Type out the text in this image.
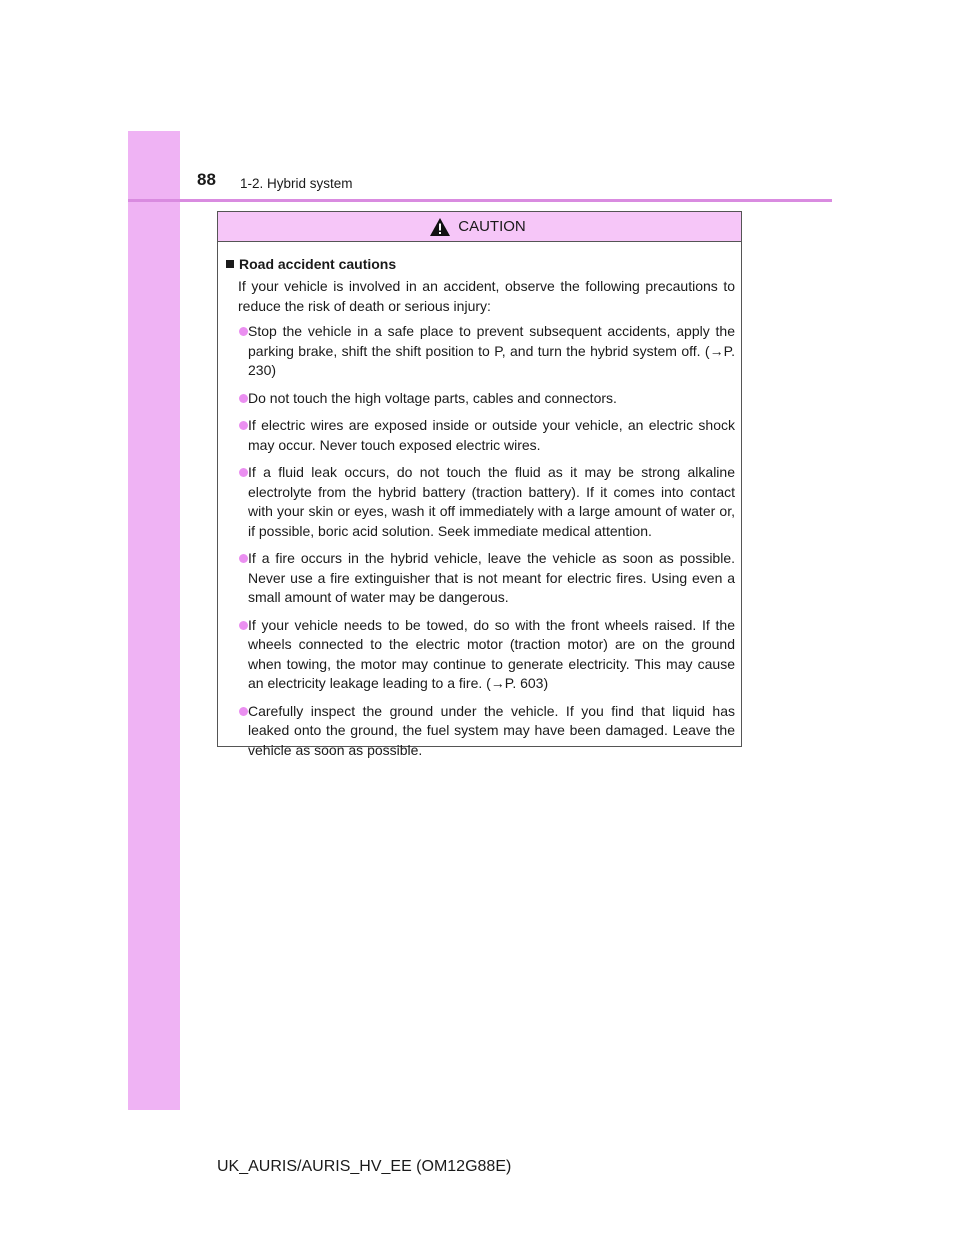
88 1-2. Hybrid system
CAUTION

Road accident cautions

If your vehicle is involved in an accident, observe the following precautions to reduce the risk of death or serious injury:

Stop the vehicle in a safe place to prevent subsequent accidents, apply the parking brake, shift the shift position to P, and turn the hybrid system off. (→P. 230)
Do not touch the high voltage parts, cables and connectors.
If electric wires are exposed inside or outside your vehicle, an electric shock may occur. Never touch exposed electric wires.
If a fluid leak occurs, do not touch the fluid as it may be strong alkaline electrolyte from the hybrid battery (traction battery). If it comes into contact with your skin or eyes, wash it off immediately with a large amount of water or, if possible, boric acid solution. Seek immediate medical attention.
If a fire occurs in the hybrid vehicle, leave the vehicle as soon as possible. Never use a fire extinguisher that is not meant for electric fires. Using even a small amount of water may be dangerous.
If your vehicle needs to be towed, do so with the front wheels raised. If the wheels connected to the electric motor (traction motor) are on the ground when towing, the motor may continue to generate electricity. This may cause an electricity leakage leading to a fire. (→P. 603)
Carefully inspect the ground under the vehicle. If you find that liquid has leaked onto the ground, the fuel system may have been damaged. Leave the vehicle as soon as possible.
UK_AURIS/AURIS_HV_EE (OM12G88E)
